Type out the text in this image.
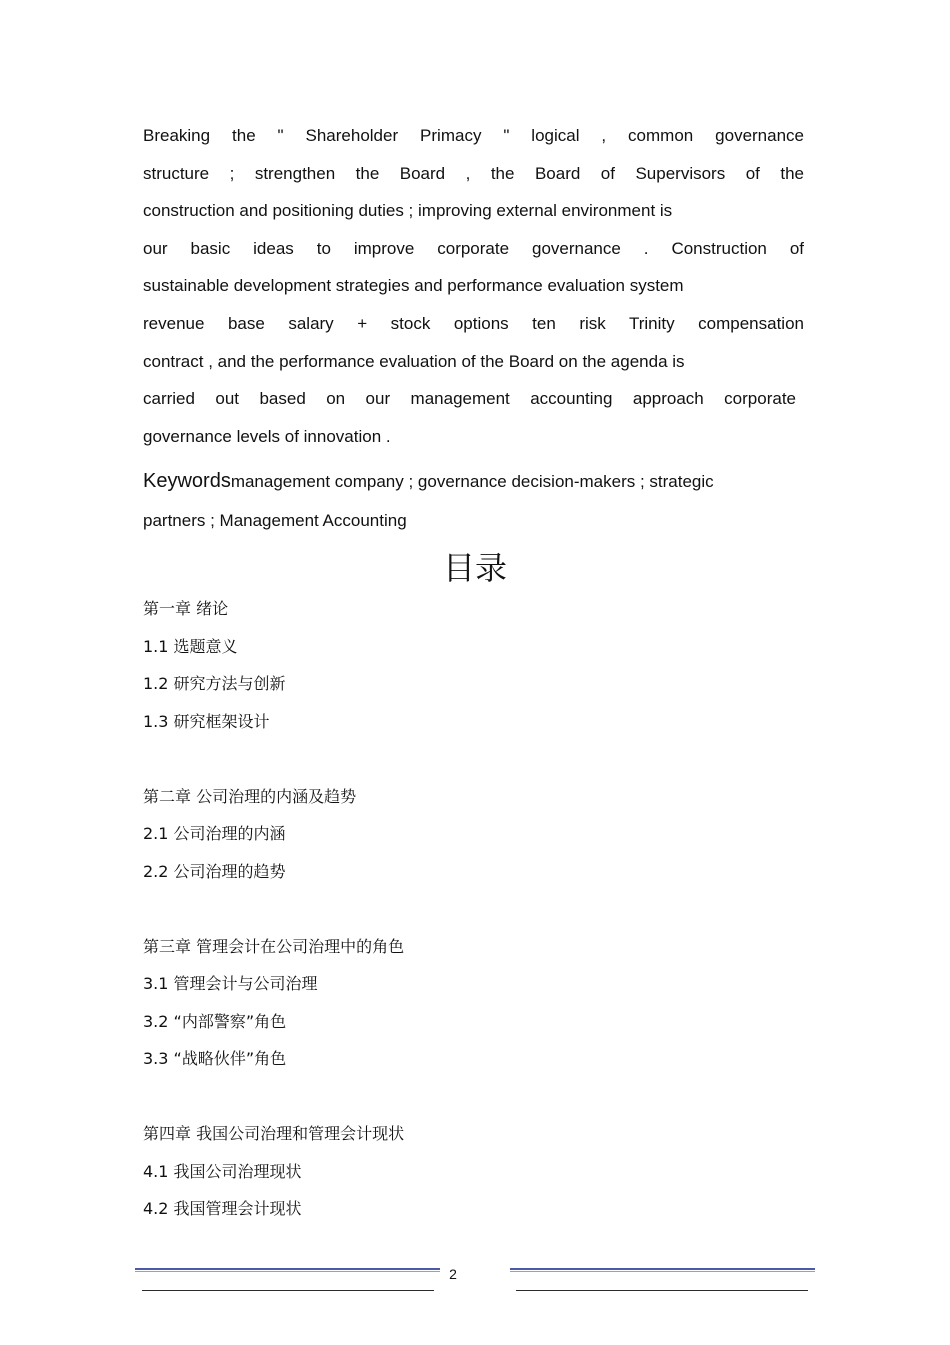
Breaking the " Shareholder Primacy " logical , common governance
structure ; strengthen the Board , the Board of Supervisors of the
construction and positioning duties ; improving external environment is
our basic ideas to improve corporate governance . Construction of
sustainable development strategies and performance evaluation system
revenue base salary + stock options ten risk Trinity compensation
contract , and the performance evaluation of the Board on the agenda is
carried out based on our management accounting approach corporate
governance levels of innovation .
Keywordsmanagement company ; governance decision-makers ; strategic
partners ; Management Accounting
目录
第一章 绪论
1.1 选题意义
1.2 研究方法与创新
1.3 研究框架设计
第二章 公司治理的内涵及趋势
2.1 公司治理的内涵
2.2 公司治理的趋势
第三章 管理会计在公司治理中的角色
3.1 管理会计与公司治理
3.2 “内部警察”角色
3.3 “战略伙伴”角色
第四章 我国公司治理和管理会计现状
4.1 我国公司治理现状
4.2 我国管理会计现状
2
